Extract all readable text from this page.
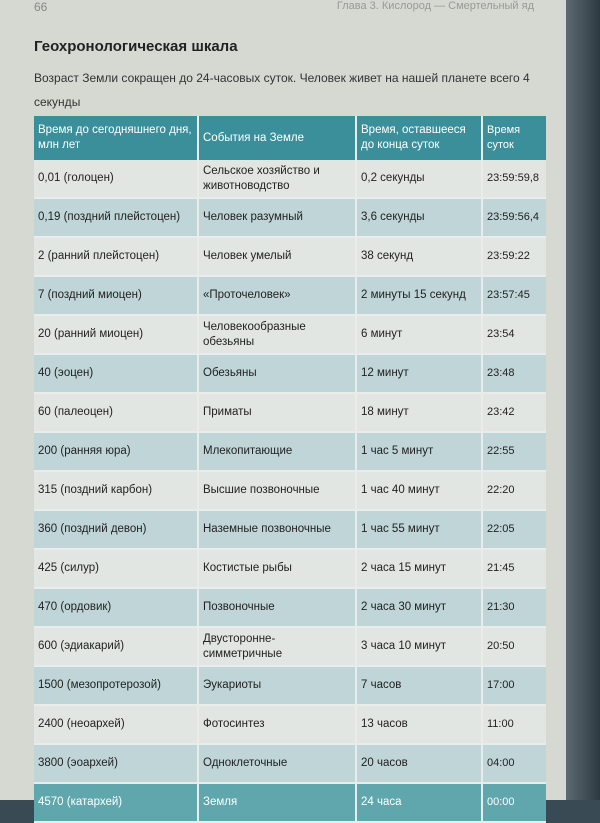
66	Глава 3. Кислород — Смертельный яд
Геохронологическая шкала
Возраст Земли сокращен до 24-часовых суток. Человек живет на нашей планете всего 4 секунды
Время до сегодняшнего дня, млн лет	События на Земле	Время, оставшееся до конца суток	Время суток
0,01 (голоцен)	Сельское хозяйство и животноводство	0,2 секунды	23:59:59,8
0,19 (поздний плейстоцен)	Человек разумный	3,6 секунды	23:59:56,4
2 (ранний плейстоцен)	Человек умелый	38 секунд	23:59:22
7 (поздний миоцен)	«Проточеловек»	2 минуты 15 секунд	23:57:45
20 (ранний миоцен)	Человекообразные обезьяны	6 минут	23:54
40 (эоцен)	Обезьяны	12 минут	23:48
60 (палеоцен)	Приматы	18 минут	23:42
200 (ранняя юра)	Млекопитающие	1 час 5 минут	22:55
315 (поздний карбон)	Высшие позвоночные	1 час 40 минут	22:20
360 (поздний девон)	Наземные позвоночные	1 час 55 минут	22:05
425 (силур)	Костистые рыбы	2 часа 15 минут	21:45
470 (ордовик)	Позвоночные	2 часа 30 минут	21:30
600 (эдиакарий)	Двусторонне-симметричные	3 часа 10 минут	20:50
1500 (мезопротерозой)	Эукариоты	7 часов	17:00
2400 (неоархей)	Фотосинтез	13 часов	11:00
3800 (эоархей)	Одноклеточные	20 часов	04:00
4570 (катархей)	Земля	24 часа	00:00
